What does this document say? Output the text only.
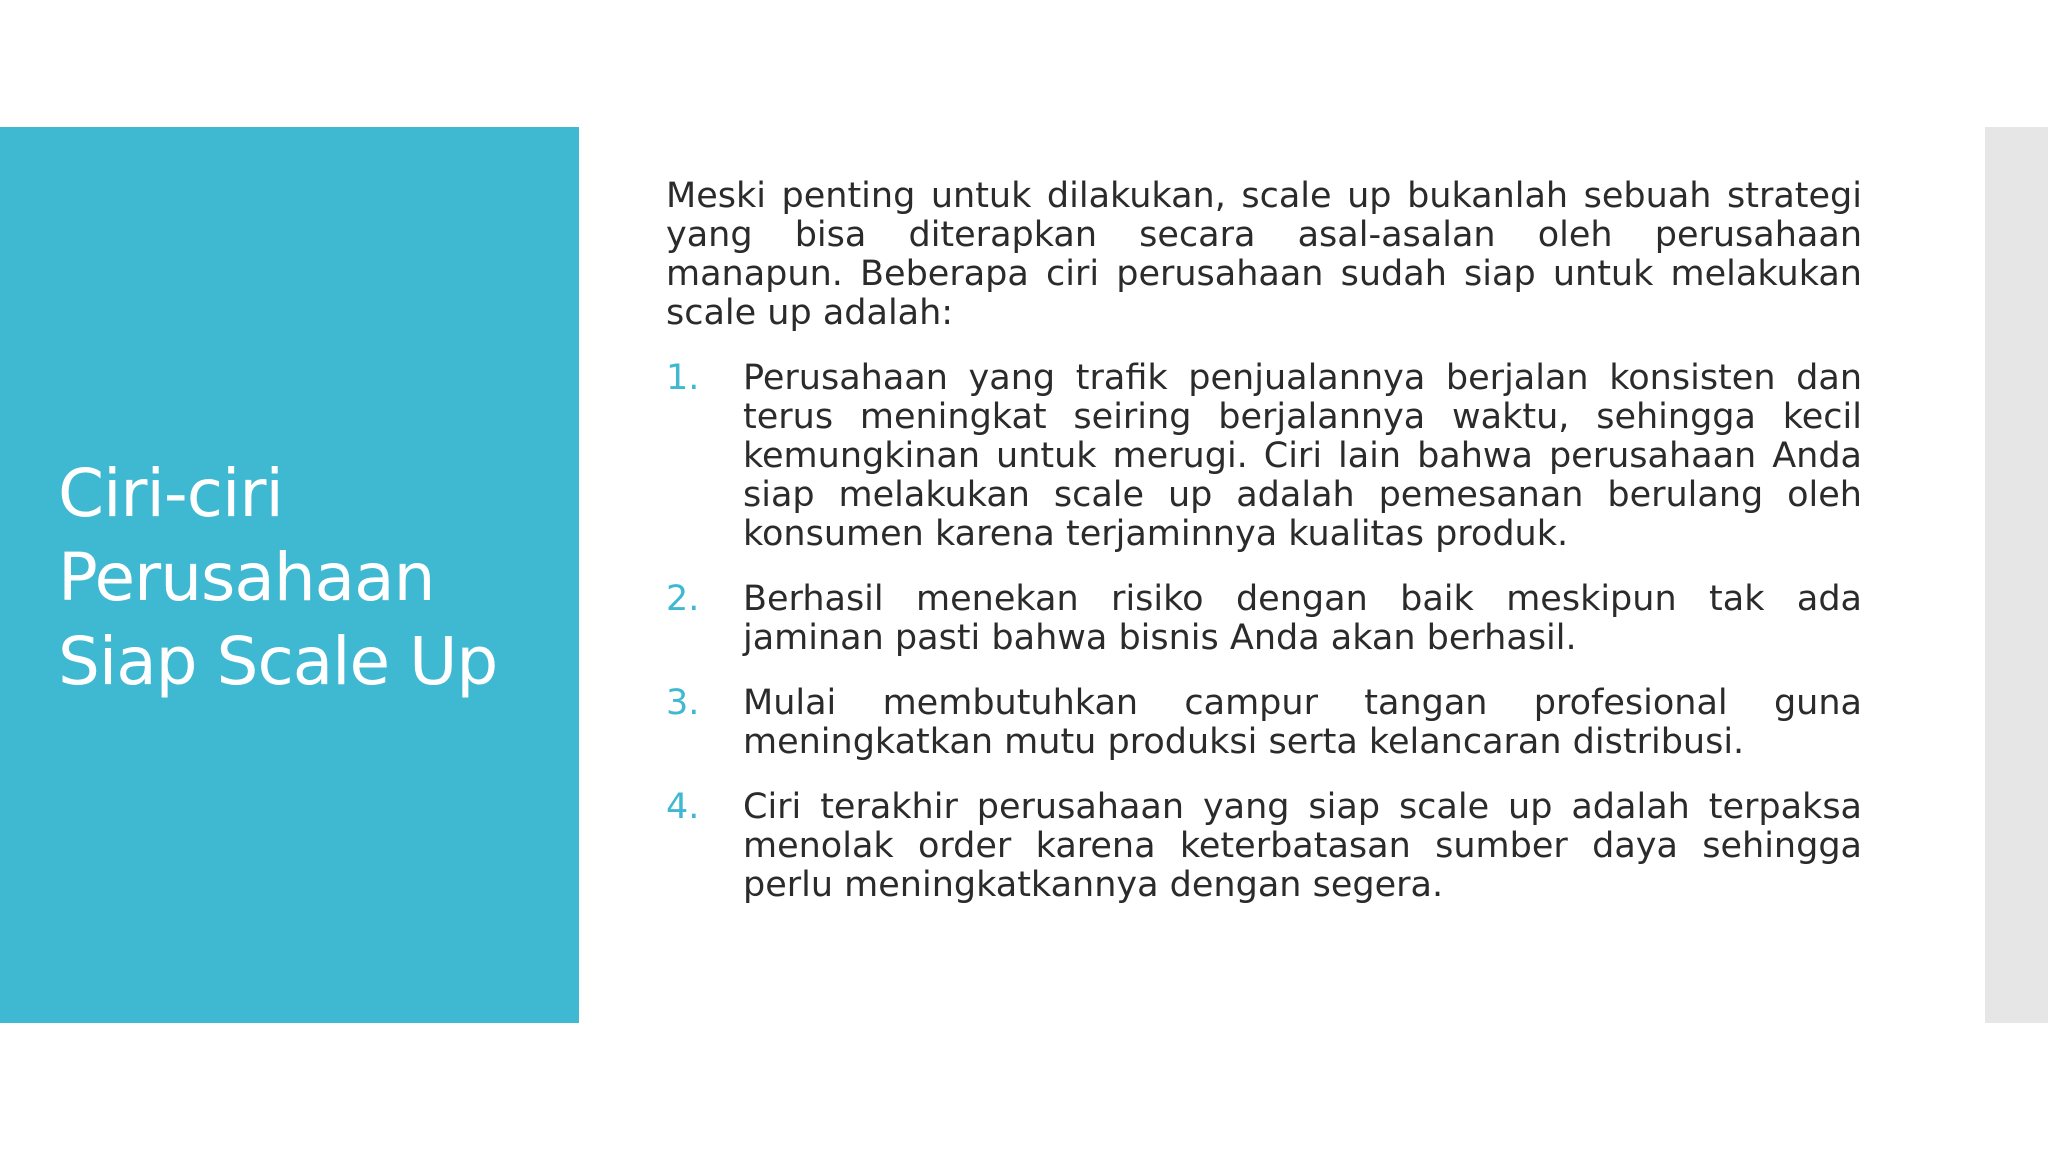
Ciri-ciri
Perusahaan
Siap Scale Up

Meski penting untuk dilakukan, scale up bukanlah sebuah strategi yang bisa diterapkan secara asal-asalan oleh perusahaan manapun. Beberapa ciri perusahaan sudah siap untuk melakukan scale up adalah:

1. Perusahaan yang trafik penjualannya berjalan konsisten dan terus meningkat seiring berjalannya waktu, sehingga kecil kemungkinan untuk merugi. Ciri lain bahwa perusahaan Anda siap melakukan scale up adalah pemesanan berulang oleh konsumen karena terjaminnya kualitas produk.
2. Berhasil menekan risiko dengan baik meskipun tak ada jaminan pasti bahwa bisnis Anda akan berhasil.
3. Mulai membutuhkan campur tangan profesional guna meningkatkan mutu produksi serta kelancaran distribusi.
4. Ciri terakhir perusahaan yang siap scale up adalah terpaksa menolak order karena keterbatasan sumber daya sehingga perlu meningkatkannya dengan segera.
